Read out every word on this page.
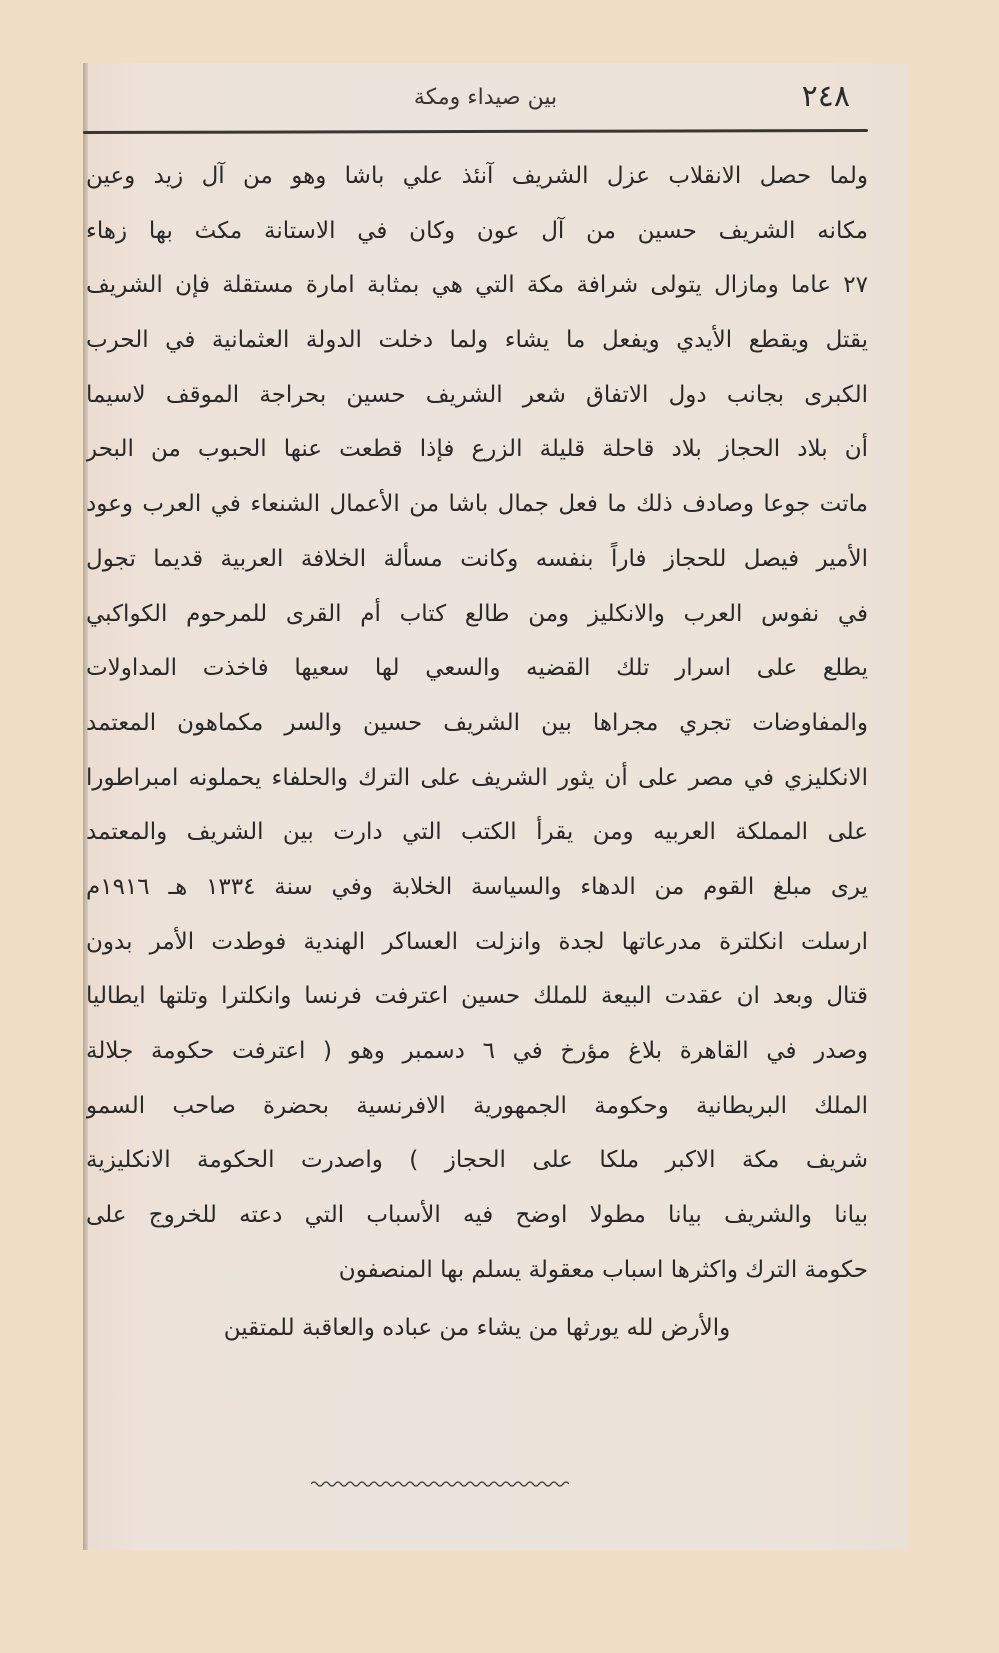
٢٤٨
بين صيداء ومكة
ولما حصل الانقلاب عزل الشريف آنئذ علي باشا وهو من آل زيد وعين
مكانه الشريف حسين من آل عون وكان في الاستانة مكث بها زهاء
٢٧ عاما ومازال يتولى شرافة مكة التي هي بمثابة امارة مستقلة فإن الشريف
يقتل ويقطع الأيدي ويفعل ما يشاء ولما دخلت الدولة العثمانية في الحرب
الكبرى بجانب دول الاتفاق شعر الشريف حسين بحراجة الموقف لاسيما
أن بلاد الحجاز بلاد قاحلة قليلة الزرع فإذا قطعت عنها الحبوب من البحر
ماتت جوعا وصادف ذلك ما فعل جمال باشا من الأعمال الشنعاء في العرب وعود
الأمير فيصل للحجاز فاراً بنفسه وكانت مسألة الخلافة العربية قديما تجول
في نفوس العرب والانكليز ومن طالع كتاب أم القرى للمرحوم الكواكبي
يطلع على اسرار تلك القضيه والسعي لها سعيها فاخذت المداولات
والمفاوضات تجري مجراها بين الشريف حسين والسر مكماهون المعتمد
الانكليزي في مصر على أن يثور الشريف على الترك والحلفاء يحملونه امبراطورا
على المملكة العربيه ومن يقرأ الكتب التي دارت بين الشريف والمعتمد
يرى مبلغ القوم من الدهاء والسياسة الخلابة وفي سنة ١٣٣٤ هـ ١٩١٦م
ارسلت انكلترة مدرعاتها لجدة وانزلت العساكر الهندية فوطدت الأمر بدون
قتال وبعد ان عقدت البيعة للملك حسين اعترفت فرنسا وانكلترا وتلتها ايطاليا
وصدر في القاهرة بلاغ مؤرخ في ٦ دسمبر وهو ( اعترفت حكومة جلالة
الملك البريطانية وحكومة الجمهورية الافرنسية بحضرة صاحب السمو
شريف مكة الاكبر ملكا على الحجاز ) واصدرت الحكومة الانكليزية
بيانا والشريف بيانا مطولا اوضح فيه الأسباب التي دعته للخروج على
حكومة الترك واكثرها اسباب معقولة يسلم بها المنصفون
والأرض لله يورثها من يشاء من عباده والعاقبة للمتقين
